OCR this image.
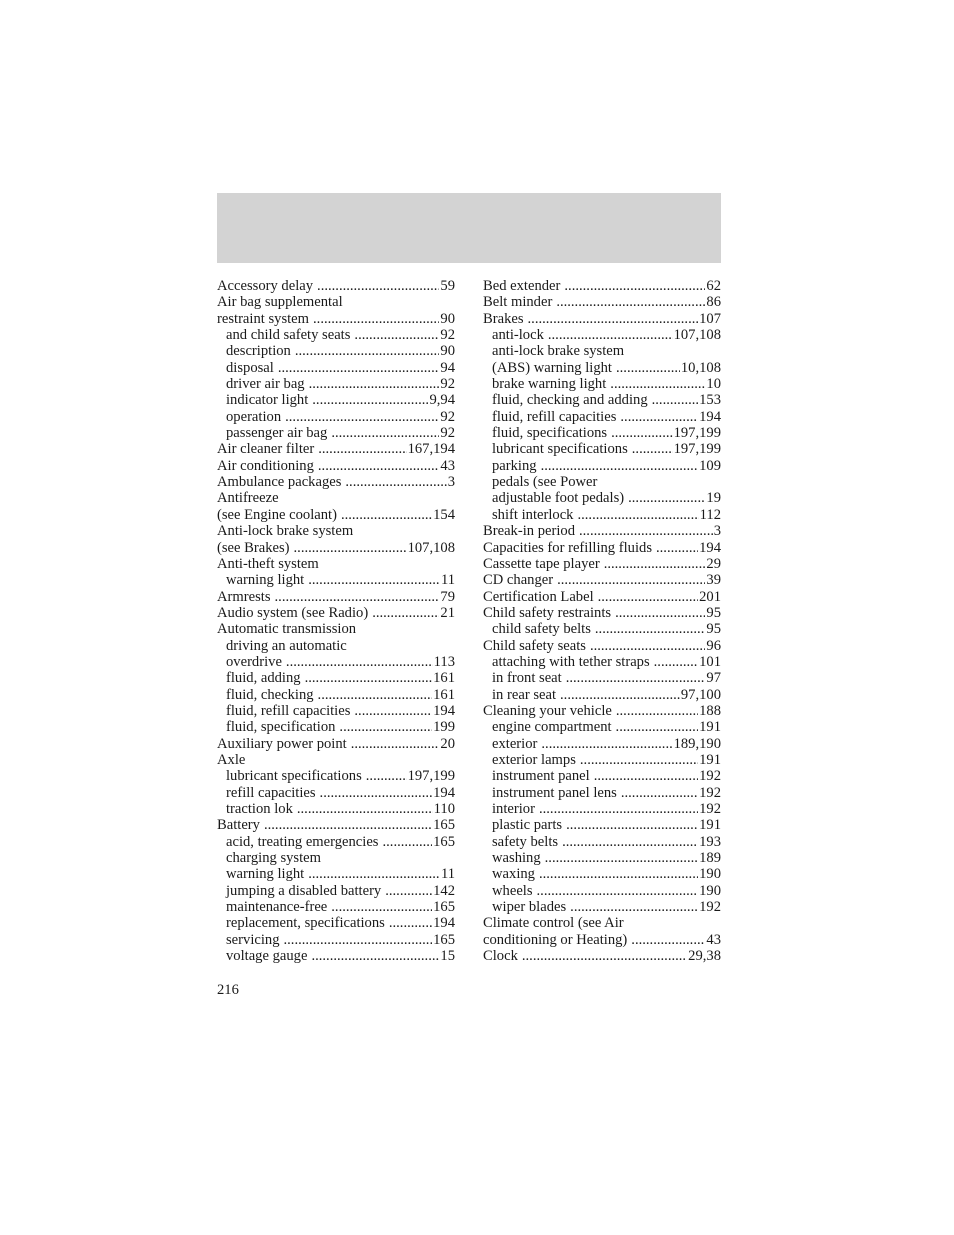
Accessory delay .....	59
Air bag supplemental
restraint system .....	90
and child safety seats .....	92
description .....	90
disposal .....	94
driver air bag .....	92
indicator light .....	9,94
operation .....	92
passenger air bag .....	92
Air cleaner filter .....	167,194
Air conditioning .....	43
Ambulance packages .....	3
Antifreeze
(see Engine coolant) .....	154
Anti-lock brake system
(see Brakes) .....	107,108
Anti-theft system
warning light .....	11
Armrests .....	79
Audio system (see Radio) .....	21
Automatic transmission
driving an automatic
overdrive .....	113
fluid, adding .....	161
fluid, checking .....	161
fluid, refill capacities .....	194
fluid, specification .....	199
Auxiliary power point .....	20
Axle
lubricant specifications .....	197,199
refill capacities .....	194
traction lok .....	110
Battery .....	165
acid, treating emergencies .....	165
charging system
warning light .....	11
jumping a disabled battery .....	142
maintenance-free .....	165
replacement, specifications .....	194
servicing .....	165
voltage gauge .....	15
Bed extender .....	62
Belt minder .....	86
Brakes .....	107
anti-lock .....	107,108
anti-lock brake system
(ABS) warning light .....	10,108
brake warning light .....	10
fluid, checking and adding .....	153
fluid, refill capacities .....	194
fluid, specifications .....	197,199
lubricant specifications .....	197,199
parking .....	109
pedals (see Power
adjustable foot pedals) .....	19
shift interlock .....	112
Break-in period .....	3
Capacities for refilling fluids .....	194
Cassette tape player .....	29
CD changer .....	39
Certification Label .....	201
Child safety restraints .....	95
child safety belts .....	95
Child safety seats .....	96
attaching with tether straps .....	101
in front seat .....	97
in rear seat .....	97,100
Cleaning your vehicle .....	188
engine compartment .....	191
exterior .....	189,190
exterior lamps .....	191
instrument panel .....	192
instrument panel lens .....	192
interior .....	192
plastic parts .....	191
safety belts .....	193
washing .....	189
waxing .....	190
wheels .....	190
wiper blades .....	192
Climate control (see Air
conditioning or Heating) .....	43
Clock .....	29,38
216
